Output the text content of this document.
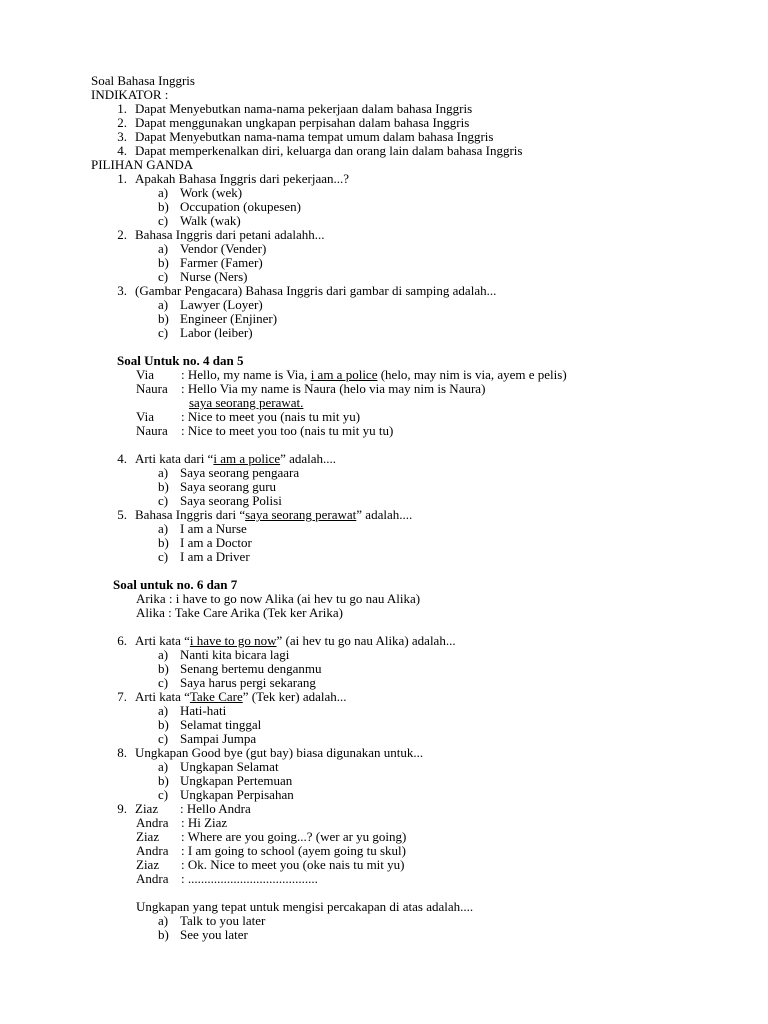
Soal Bahasa Inggris
INDIKATOR :
1. Dapat Menyebutkan nama-nama pekerjaan dalam bahasa Inggris
2. Dapat menggunakan ungkapan perpisahan dalam bahasa Inggris
3. Dapat Menyebutkan nama-nama tempat umum dalam bahasa Inggris
4. Dapat memperkenalkan diri, keluarga dan orang lain dalam bahasa Inggris
PILIHAN GANDA
1. Apakah Bahasa Inggris dari pekerjaan...?
a) Work (wek)
b) Occupation (okupesen)
c) Walk (wak)
2. Bahasa Inggris dari petani adalahh...
a) Vendor (Vender)
b) Farmer (Famer)
c) Nurse (Ners)
3. (Gambar Pengacara) Bahasa Inggris dari gambar di samping adalah...
a) Lawyer (Loyer)
b) Engineer (Enjiner)
c) Labor (leiber)
Soal Untuk no. 4 dan 5
Via : Hello, my name is Via, i am a police (helo, may nim is via, ayem e pelis)
Naura : Hello Via my name is Naura (helo via may nim is Naura)
saya seorang perawat.
Via : Nice to meet you (nais tu mit yu)
Naura : Nice to meet you too (nais tu mit yu tu)
4. Arti kata dari “i am a police” adalah....
a) Saya seorang pengaara
b) Saya seorang guru
c) Saya seorang Polisi
5. Bahasa Inggris dari “saya seorang perawat” adalah....
a) I am a Nurse
b) I am a Doctor
c) I am a Driver
Soal untuk no. 6 dan 7
Arika : i have to go now Alika (ai hev tu go nau Alika)
Alika : Take Care Arika (Tek ker Arika)
6. Arti kata “i have to go now” (ai hev tu go nau Alika) adalah...
a) Nanti kita bicara lagi
b) Senang bertemu denganmu
c) Saya harus pergi sekarang
7. Arti kata “Take Care” (Tek ker) adalah...
a) Hati-hati
b) Selamat tinggal
c) Sampai Jumpa
8. Ungkapan Good bye (gut bay) biasa digunakan untuk...
a) Ungkapan Selamat
b) Ungkapan Pertemuan
c) Ungkapan Perpisahan
9. Ziaz : Hello Andra
Andra : Hi Ziaz
Ziaz : Where are you going...? (wer ar yu going)
Andra : I am going to school (ayem going tu skul)
Ziaz : Ok. Nice to meet you (oke nais tu mit yu)
Andra : ........................................
Ungkapan yang tepat untuk mengisi percakapan di atas adalah....
a) Talk to you later
b) See you later
